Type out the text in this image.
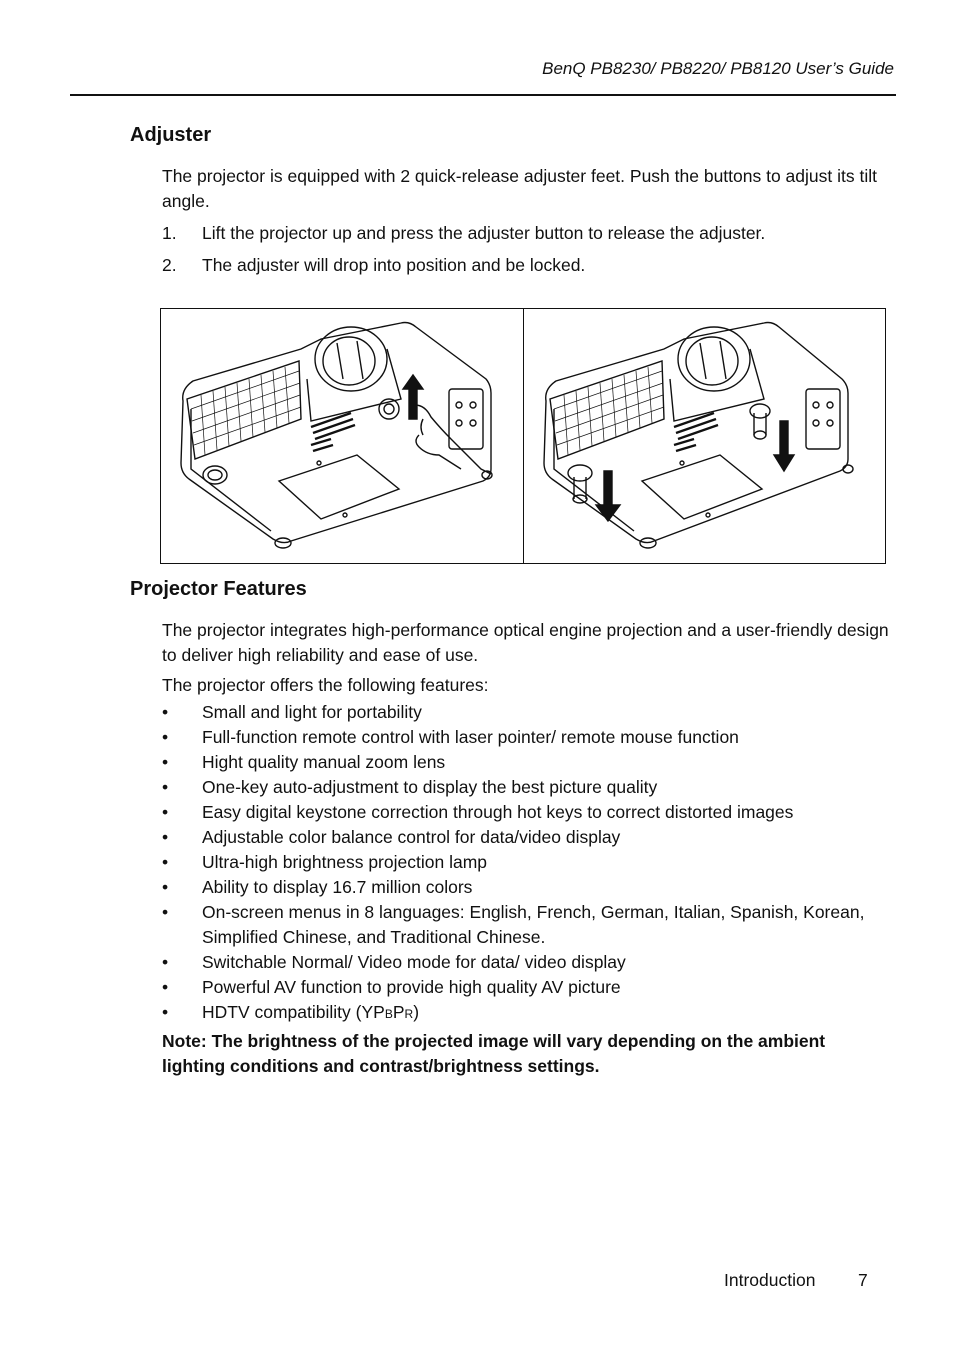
BenQ PB8230/ PB8220/ PB8120 User’s Guide
Adjuster
The projector is equipped with 2 quick-release adjuster feet. Push the buttons to adjust its tilt angle.
1. Lift the projector up and press the adjuster button to release the adjuster.
2. The adjuster will drop into position and be locked.
Projector Features
The projector integrates high-performance optical engine projection and a user-friendly design to deliver high reliability and ease of use.
The projector offers the following features:
• Small and light for portability
• Full-function remote control with laser pointer/ remote mouse function
• Hight quality manual zoom lens
• One-key auto-adjustment to display the best picture quality
• Easy digital keystone correction through hot keys to correct distorted images
• Adjustable color balance control for data/video display
• Ultra-high brightness projection lamp
• Ability to display 16.7 million colors
• On-screen menus in 8 languages: English, French, German, Italian, Spanish, Korean, Simplified Chinese, and Traditional Chinese.
• Switchable Normal/ Video mode for data/ video display
• Powerful AV function to provide high quality AV picture
• HDTV compatibility (YPBPR)
Note: The brightness of the projected image will vary depending on the ambient lighting conditions and contrast/brightness settings.
Introduction 7
